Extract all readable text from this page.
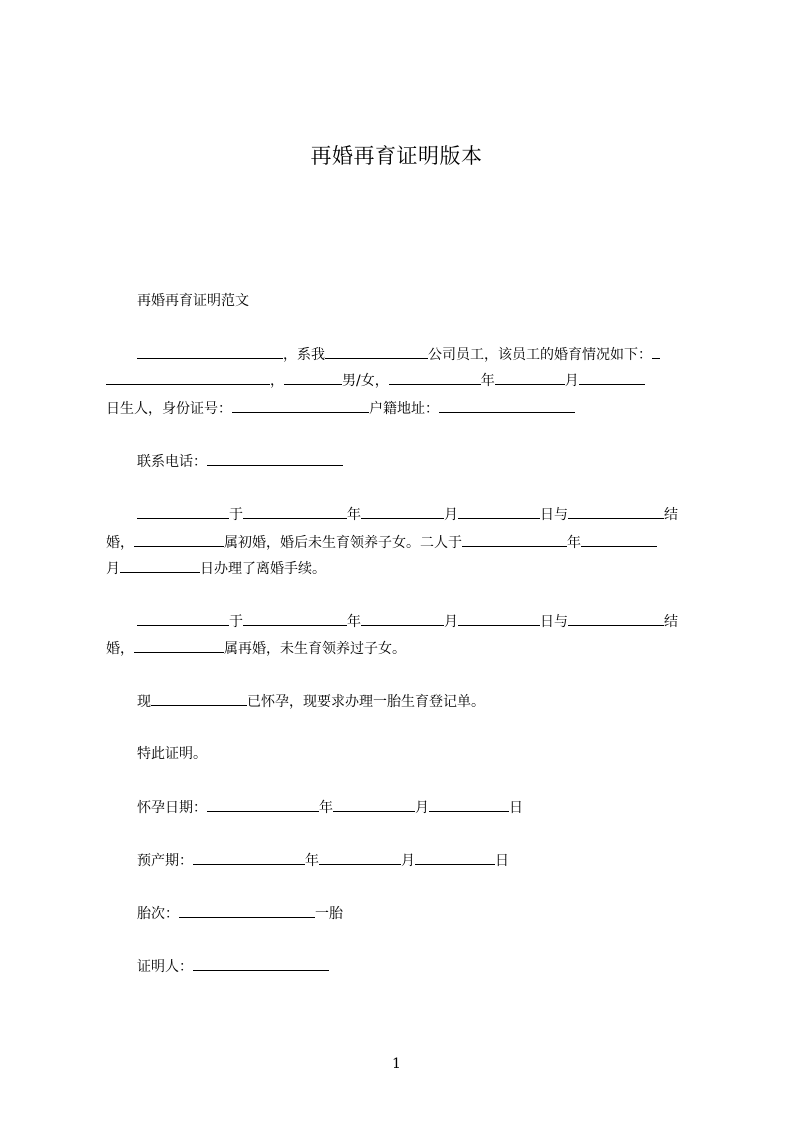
再婚再育证明版本
再婚再育证明范文
，系我	公司员工，该员工的婚育情况如下：
，	男/女，	年	月
日生人，身份证号：	户籍地址：
联系电话：
于	年	月	日与	结
婚，	属初婚，婚后未生育领养子女。二人于	年
月	日办理了离婚手续。
于	年	月	日与	结
婚，	属再婚，未生育领养过子女。
现	已怀孕，现要求办理一胎生育登记单。
特此证明。
怀孕日期：	年	月	日
预产期：	年	月	日
胎次：	一胎
证明人：
1
